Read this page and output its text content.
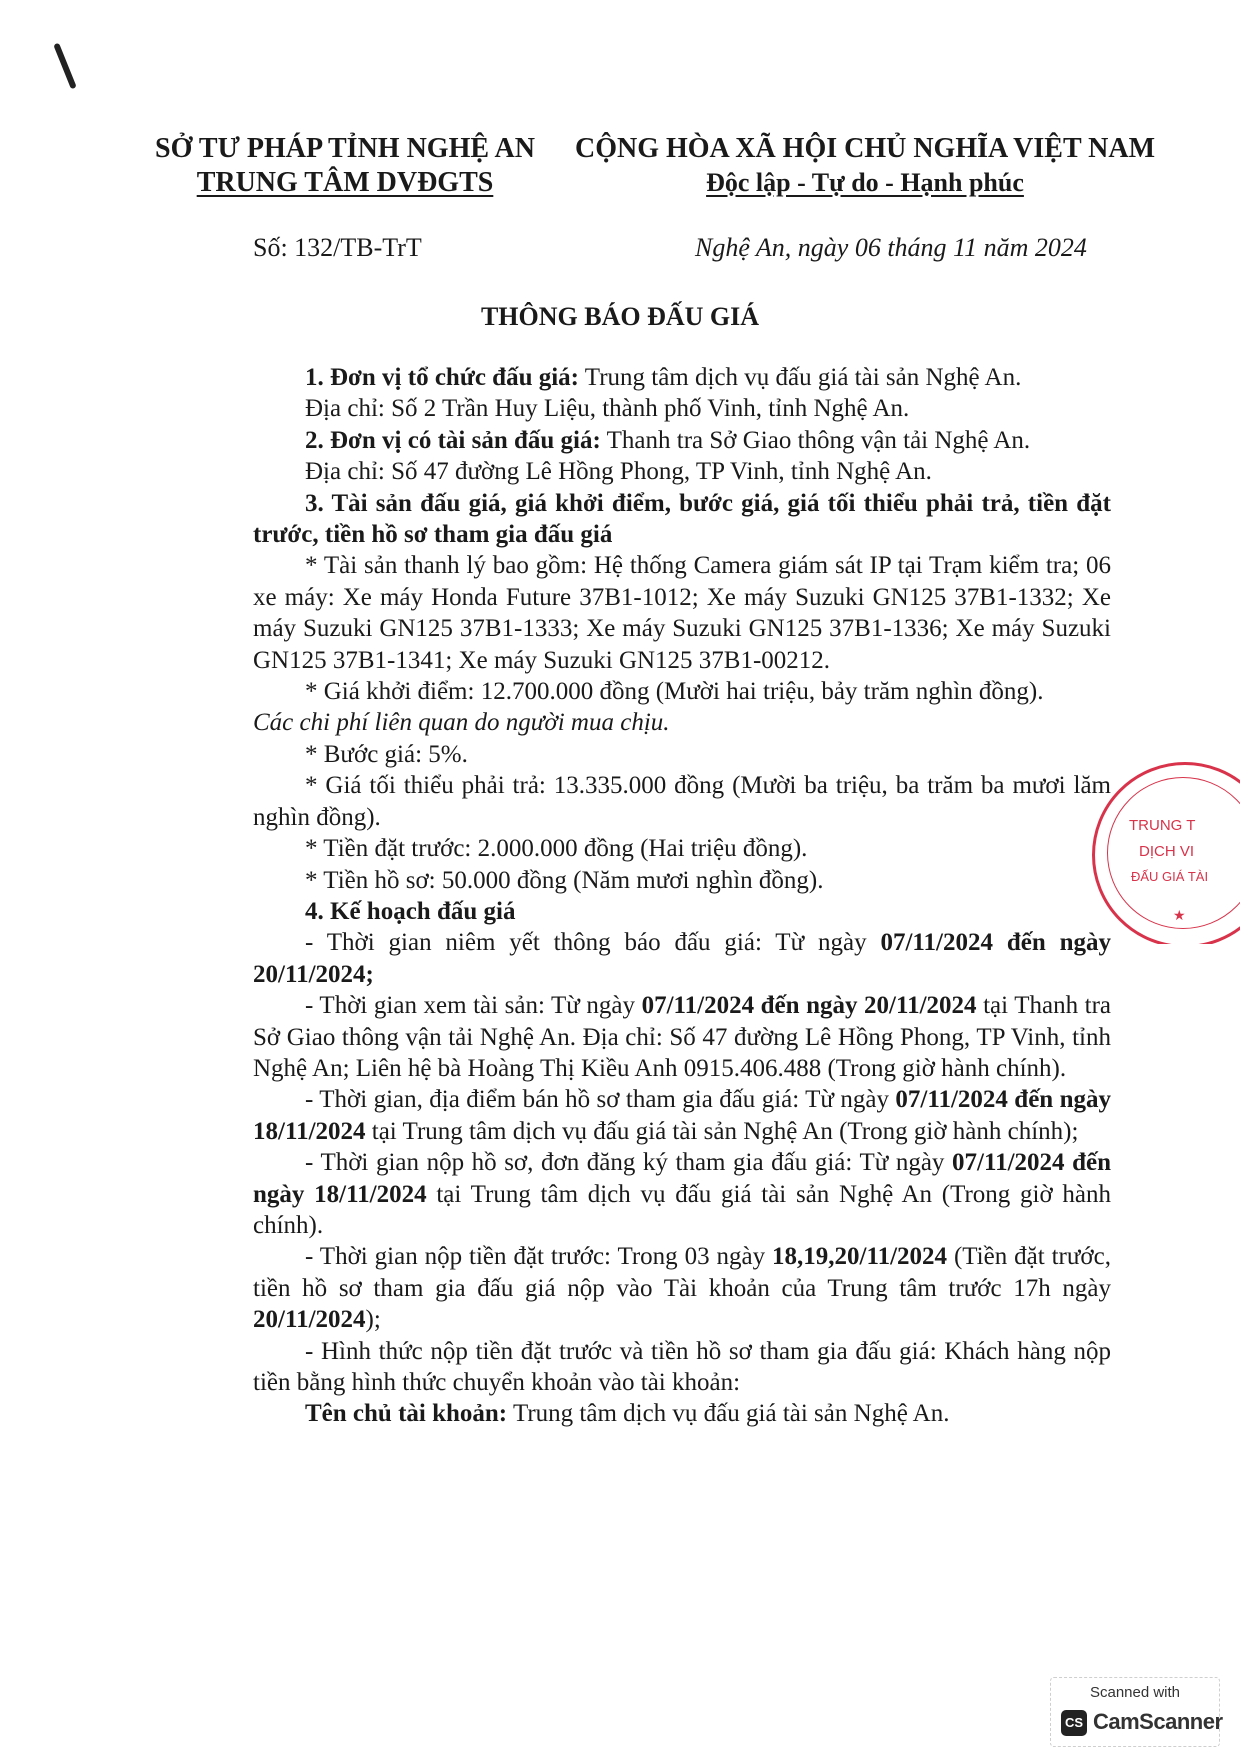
SỞ TƯ PHÁP TỈNH NGHỆ AN
TRUNG TÂM DVĐGTS
CỘNG HÒA XÃ HỘI CHỦ NGHĨA VIỆT NAM
Độc lập - Tự do - Hạnh phúc
Số: 132/TB-TrT	Nghệ An, ngày 06 tháng 11 năm 2024
THÔNG BÁO ĐẤU GIÁ

1. Đơn vị tổ chức đấu giá: Trung tâm dịch vụ đấu giá tài sản Nghệ An.

Địa chỉ: Số 2 Trần Huy Liệu, thành phố Vinh, tỉnh Nghệ An.

2. Đơn vị có tài sản đấu giá: Thanh tra Sở Giao thông vận tải Nghệ An.

Địa chỉ: Số 47 đường Lê Hồng Phong, TP Vinh, tỉnh Nghệ An.

3. Tài sản đấu giá, giá khởi điểm, bước giá, giá tối thiểu phải trả, tiền đặt trước, tiền hồ sơ tham gia đấu giá

* Tài sản thanh lý bao gồm: Hệ thống Camera giám sát IP tại Trạm kiểm tra; 06 xe máy: Xe máy Honda Future 37B1-1012; Xe máy Suzuki GN125 37B1-1332; Xe máy Suzuki GN125 37B1-1333; Xe máy Suzuki GN125 37B1-1336; Xe máy Suzuki GN125 37B1-1341; Xe máy Suzuki GN125 37B1-00212.

* Giá khởi điểm: 12.700.000 đồng (Mười hai triệu, bảy trăm nghìn đồng).

Các chi phí liên quan do người mua chịu.

* Bước giá: 5%.

* Giá tối thiểu phải trả: 13.335.000 đồng (Mười ba triệu, ba trăm ba mươi lăm nghìn đồng).

* Tiền đặt trước: 2.000.000 đồng (Hai triệu đồng).

* Tiền hồ sơ: 50.000 đồng (Năm mươi nghìn đồng).

4. Kế hoạch đấu giá

- Thời gian niêm yết thông báo đấu giá: Từ ngày 07/11/2024 đến ngày 20/11/2024;

- Thời gian xem tài sản: Từ ngày 07/11/2024 đến ngày 20/11/2024 tại Thanh tra Sở Giao thông vận tải Nghệ An. Địa chỉ: Số 47 đường Lê Hồng Phong, TP Vinh, tỉnh Nghệ An; Liên hệ bà Hoàng Thị Kiều Anh 0915.406.488 (Trong giờ hành chính).

- Thời gian, địa điểm bán hồ sơ tham gia đấu giá: Từ ngày 07/11/2024 đến ngày 18/11/2024 tại Trung tâm dịch vụ đấu giá tài sản Nghệ An (Trong giờ hành chính);

- Thời gian nộp hồ sơ, đơn đăng ký tham gia đấu giá: Từ ngày 07/11/2024 đến ngày 18/11/2024 tại Trung tâm dịch vụ đấu giá tài sản Nghệ An (Trong giờ hành chính).

- Thời gian nộp tiền đặt trước: Trong 03 ngày 18,19,20/11/2024 (Tiền đặt trước, tiền hồ sơ tham gia đấu giá nộp vào Tài khoản của Trung tâm trước 17h ngày 20/11/2024);

- Hình thức nộp tiền đặt trước và tiền hồ sơ tham gia đấu giá: Khách hàng nộp tiền bằng hình thức chuyển khoản vào tài khoản:

Tên chủ tài khoản: Trung tâm dịch vụ đấu giá tài sản Nghệ An.

TRUNG T
DỊCH VI
ĐẤU GIÁ TÀI
★
Scanned with
CS CamScanner
